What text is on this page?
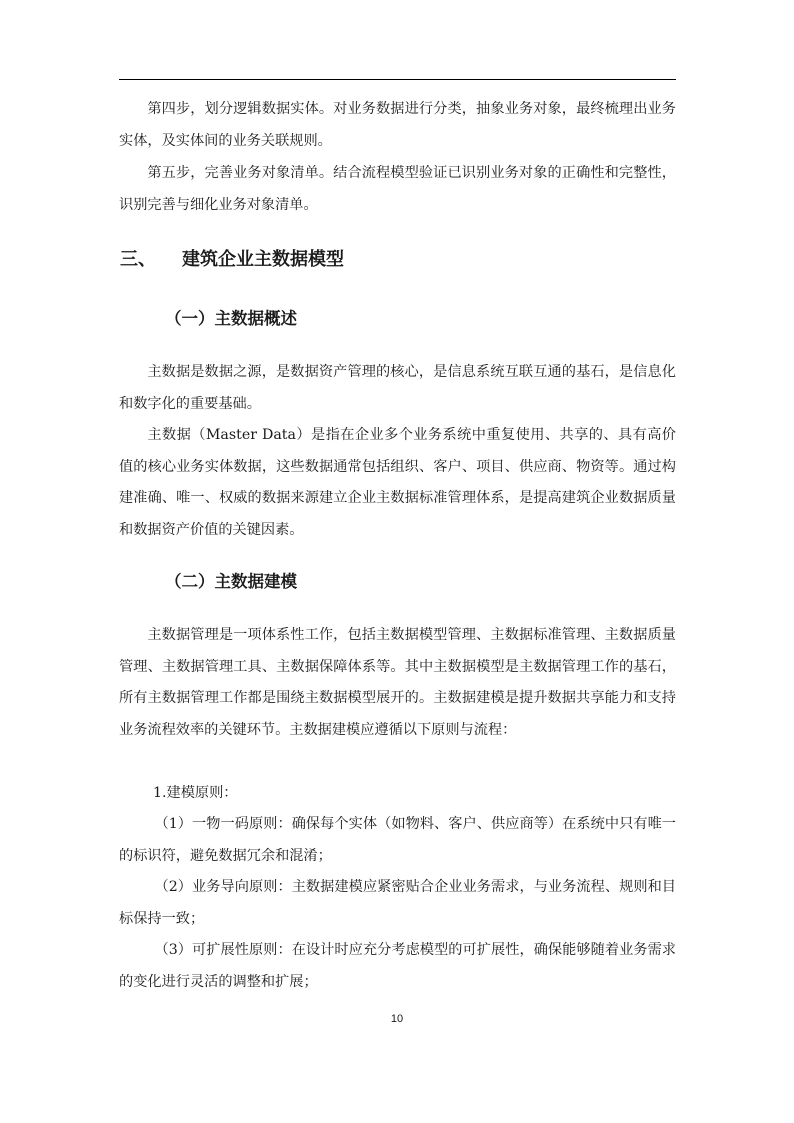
第四步，划分逻辑数据实体。对业务数据进行分类，抽象业务对象，最终梳理出业务实体，及实体间的业务关联规则。

第五步，完善业务对象清单。结合流程模型验证已识别业务对象的正确性和完整性，识别完善与细化业务对象清单。

三、 建筑企业主数据模型
（一）主数据概述

主数据是数据之源，是数据资产管理的核心，是信息系统互联互通的基石，是信息化和数字化的重要基础。

主数据（Master Data）是指在企业多个业务系统中重复使用、共享的、具有高价值的核心业务实体数据，这些数据通常包括组织、客户、项目、供应商、物资等。通过构建准确、唯一、权威的数据来源建立企业主数据标准管理体系，是提高建筑企业数据质量和数据资产价值的关键因素。

（二）主数据建模

主数据管理是一项体系性工作，包括主数据模型管理、主数据标准管理、主数据质量管理、主数据管理工具、主数据保障体系等。其中主数据模型是主数据管理工作的基石，所有主数据管理工作都是围绕主数据模型展开的。主数据建模是提升数据共享能力和支持业务流程效率的关键环节。主数据建模应遵循以下原则与流程：

1.建模原则：

（1）一物一码原则：确保每个实体（如物料、客户、供应商等）在系统中只有唯一的标识符，避免数据冗余和混淆；

（2）业务导向原则：主数据建模应紧密贴合企业业务需求，与业务流程、规则和目标保持一致；

（3）可扩展性原则：在设计时应充分考虑模型的可扩展性，确保能够随着业务需求的变化进行灵活的调整和扩展；

10
